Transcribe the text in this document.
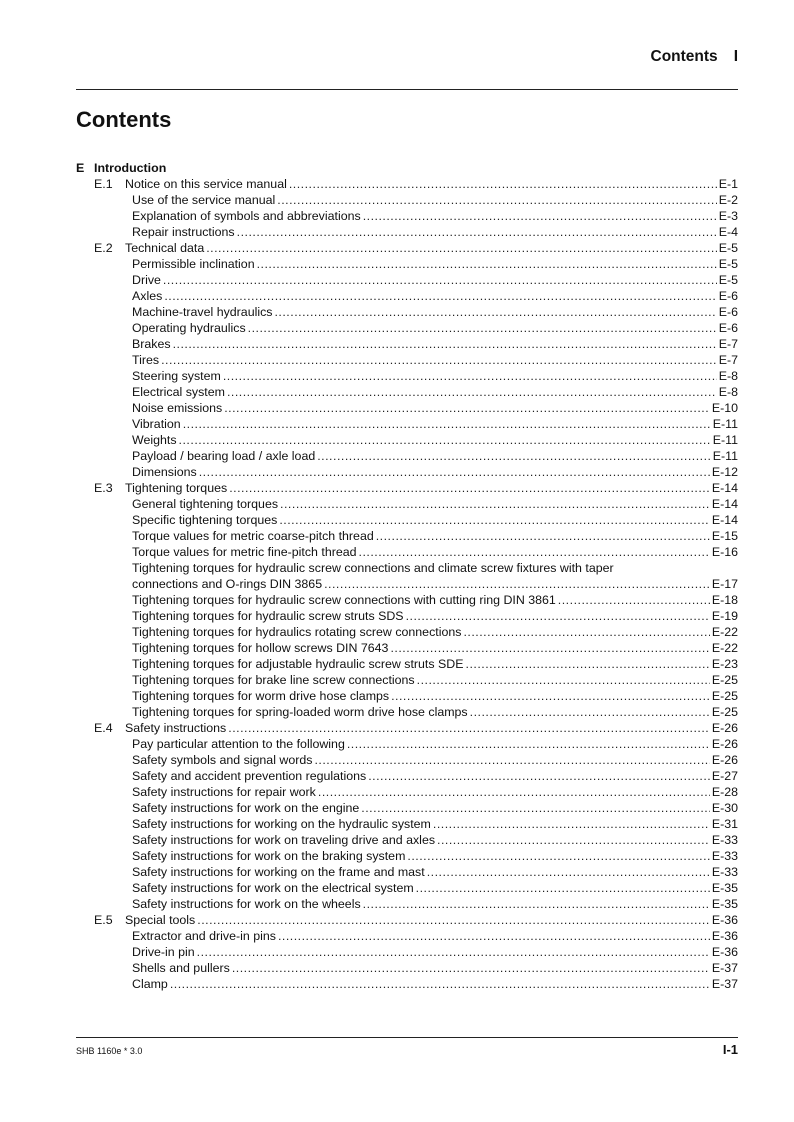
Contents I
Contents
E Introduction
E.1 Notice on this service manual .....	E-1
Use of the service manual .....	E-2
Explanation of symbols and abbreviations .....	E-3
Repair instructions .....	E-4
E.2 Technical data .....	E-5
Permissible inclination .....	E-5
Drive .....	E-5
Axles .....	E-6
Machine-travel hydraulics .....	E-6
Operating hydraulics .....	E-6
Brakes .....	E-7
Tires .....	E-7
Steering system .....	E-8
Electrical system .....	E-8
Noise emissions .....	E-10
Vibration .....	E-11
Weights .....	E-11
Payload / bearing load / axle load .....	E-11
Dimensions .....	E-12
E.3 Tightening torques .....	E-14
General tightening torques .....	E-14
Specific tightening torques .....	E-14
Torque values for metric coarse-pitch thread .....	E-15
Torque values for metric fine-pitch thread .....	E-16
Tightening torques for hydraulic screw connections and climate screw fixtures with taper
connections and O-rings DIN 3865 .....	E-17
Tightening torques for hydraulic screw connections with cutting ring DIN 3861 .....	E-18
Tightening torques for hydraulic screw struts SDS .....	E-19
Tightening torques for hydraulics rotating screw connections .....	E-22
Tightening torques for hollow screws DIN 7643 .....	E-22
Tightening torques for adjustable hydraulic screw struts SDE .....	E-23
Tightening torques for brake line screw connections .....	E-25
Tightening torques for worm drive hose clamps .....	E-25
Tightening torques for spring-loaded worm drive hose clamps .....	E-25
E.4 Safety instructions .....	E-26
Pay particular attention to the following .....	E-26
Safety symbols and signal words .....	E-26
Safety and accident prevention regulations .....	E-27
Safety instructions for repair work .....	E-28
Safety instructions for work on the engine .....	E-30
Safety instructions for working on the hydraulic system .....	E-31
Safety instructions for work on traveling drive and axles .....	E-33
Safety instructions for work on the braking system .....	E-33
Safety instructions for working on the frame and mast .....	E-33
Safety instructions for work on the electrical system .....	E-35
Safety instructions for work on the wheels .....	E-35
E.5 Special tools .....	E-36
Extractor and drive-in pins .....	E-36
Drive-in pin .....	E-36
Shells and pullers .....	E-37
Clamp .....	E-37
SHB 1160e * 3.0	I-1
